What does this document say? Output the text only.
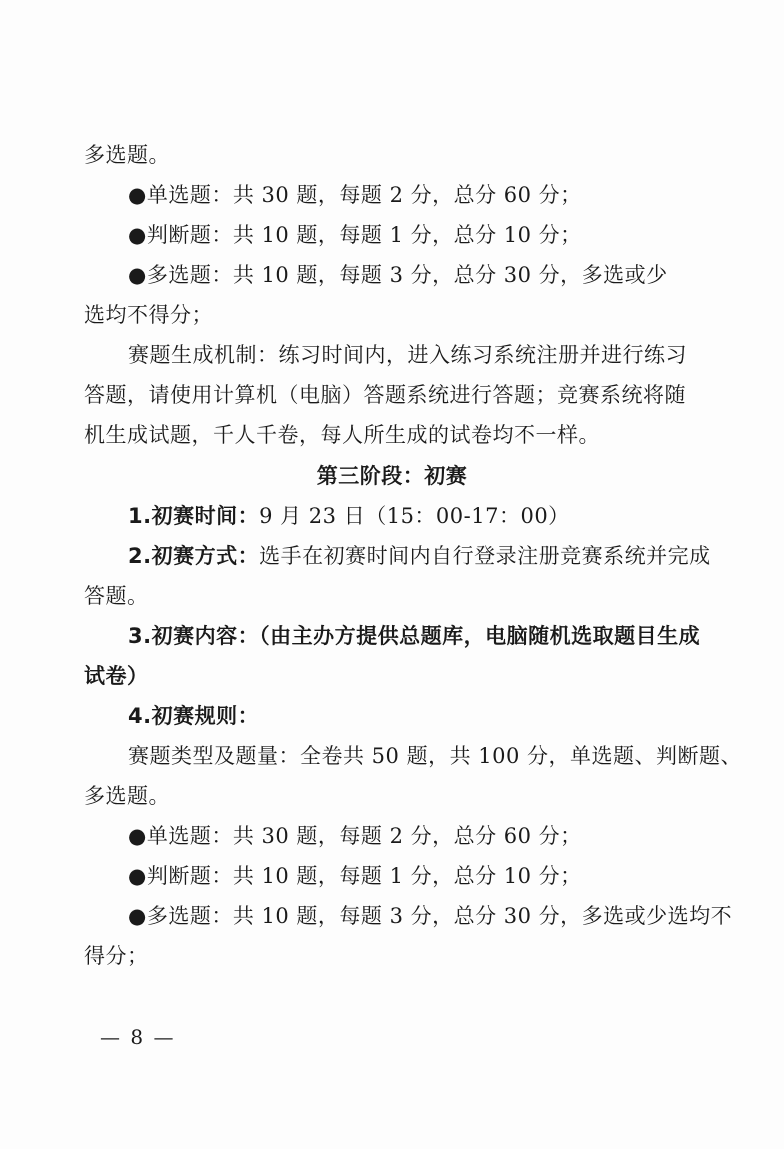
多选题。
●单选题：共 30 题，每题 2 分，总分 60 分；
●判断题：共 10 题，每题 1 分，总分 10 分；
●多选题：共 10 题，每题 3 分，总分 30 分，多选或少
选均不得分；
赛题生成机制：练习时间内，进入练习系统注册并进行练习
答题，请使用计算机（电脑）答题系统进行答题；竞赛系统将随
机生成试题，千人千卷，每人所生成的试卷均不一样。
第三阶段：初赛
1.初赛时间：9 月 23 日（15：00-17：00）
2.初赛方式：选手在初赛时间内自行登录注册竞赛系统并完成
答题。
3.初赛内容：（由主办方提供总题库，电脑随机选取题目生成
试卷）
4.初赛规则：
赛题类型及题量：全卷共 50 题，共 100 分，单选题、判断题、
多选题。
●单选题：共 30 题，每题 2 分，总分 60 分；
●判断题：共 10 题，每题 1 分，总分 10 分；
●多选题：共 10 题，每题 3 分，总分 30 分，多选或少选均不
得分；
— 8 —
